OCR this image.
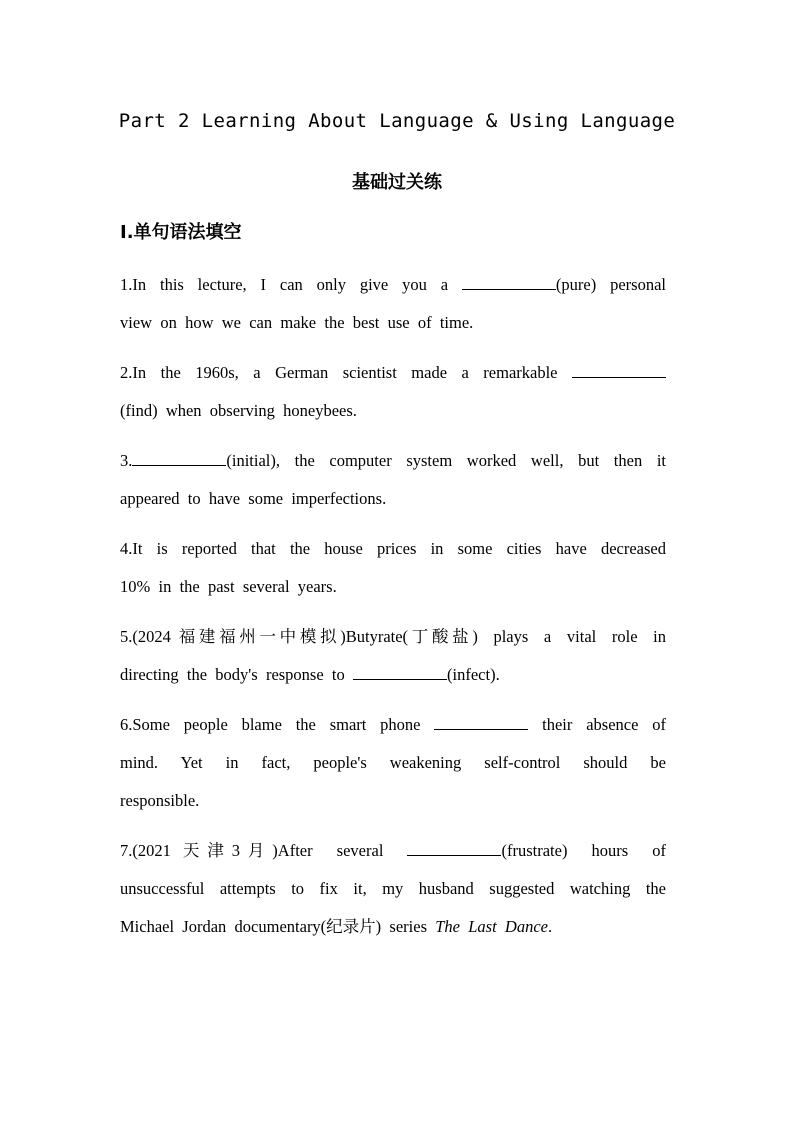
Part 2 Learning About Language & Using Language
基础过关练
Ⅰ.单句语法填空
1.In  this  lecture,  I  can  only  give  you  a	(pure)  personal
view  on  how  we  can  make  the  best  use  of  time.
2.In  the  1960s,  a  German  scientist  made  a  remarkable
(find)  when  observing  honeybees.
3.	(initial),  the  computer  system  worked  well,  but  then  it
appeared  to  have  some  imperfections.
4.It  is  reported  that  the  house  prices  in  some  cities  have  decreased
10%  in  the  past  several  years.
5.(2024 福建福州一中模拟)Butyrate(丁酸盐)  plays  a  vital  role  in
directing  the  body's  response  to	(infect).
6.Some  people  blame  the  smart  phone	their  absence  of
mind.  Yet  in  fact,  people's  weakening  self-control  should  be
responsible.
7.(2021 天津3月)After  several	(frustrate)  hours  of
unsuccessful  attempts  to  fix  it,  my  husband  suggested  watching  the
Michael  Jordan  documentary(纪录片)  series  The  Last  Dance.
